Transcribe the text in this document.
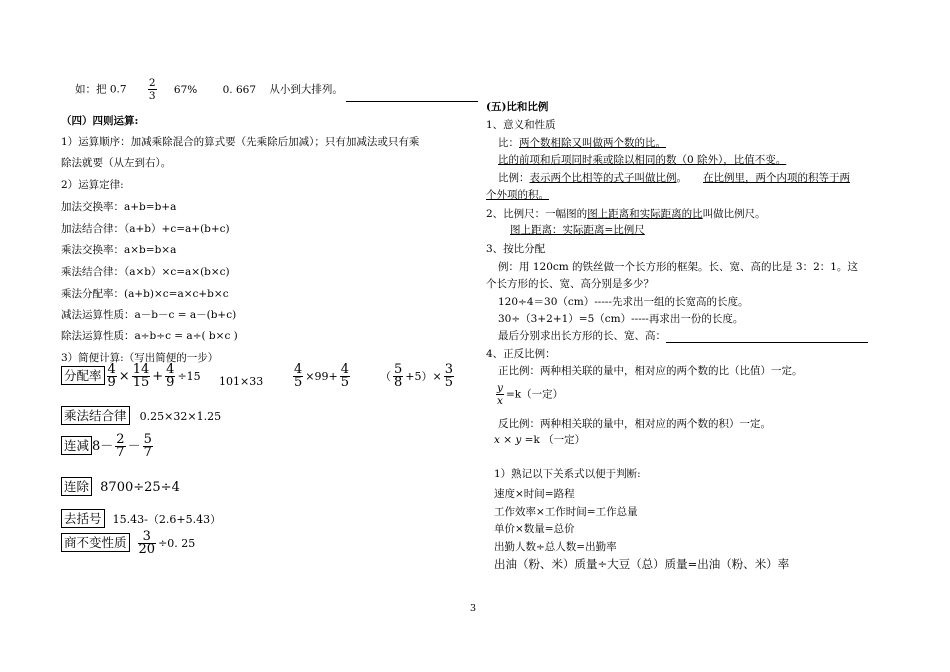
如：把 $0.7 \frac{2}{3} 67\%$ 0. 667 从小到大排列。
（四）四则运算:
1）运算顺序：加减乘除混合的算式要（先乘除后加减）；只有加减法或只有乘
除法就要（从左到右）。
2）运算定律:
加法交换率：a+b=b+a
加法结合律：（a+b）+c=a+(b+c)
乘法交换率：a×b=b×a
乘法结合律：（a×b）×c=a×(b×c)
乘法分配率：(a+b)×c=a×c+b×c
减法运算性质：a－b－c = a－(b+c)
除法运算性质：a÷b÷c = a÷( b×c )
3）简便计算:（写出简便的一步）
分配率 $\frac{4}{9} \times \frac{14}{15} + \frac{4}{9} \div 15$ $101\times 33 \frac{4}{5} \times 99+ \frac{4}{5}$	（ $\frac{5}{8} +5)\times \frac{3}{5}$
乘法结合律 0.25×32×1.25
连减 $8- \frac{2}{7} - \frac{5}{7}$
连除 8700÷25÷4
去括号 15.43-（2.6+5.43）
商不变性质 $\frac{3}{20} \div 0$. 25
(五)比和比例
1、意义和性质
比：两个数相除又叫做两个数的比。
比的前项和后项同时乘或除以相同的数（0 除外），比值不变。
比例：表示两个比相等的式子叫做比例。 在比例里，两个内项的积等于两
个外项的积。
2、比例尺：一幅图的图上距离和实际距离的比叫做比例尺。
图上距离：实际距离=比例尺
3、按比分配
例：用 120cm 的铁丝做一个长方形的框架。长、宽、高的比是 3：2：1。这
个长方形的长、宽、高分别是多少？
120÷4＝30（cm）-----先求出一组的长宽高的长度。
30÷（3+2+1）=5（cm）-----再求出一份的长度。
最后分别求出长方形的长、宽、高：
4、正反比例：
正比例：两种相关联的量中，相对应的两个数的比（比值）一定。
$\frac{y}{x} =k$（一定）
反比例：两种相关联的量中，相对应的两个数的积）一定。
x × y =k （一定）
1）熟记以下关系式以便于判断:
速度×时间=路程
工作效率×工作时间=工作总量
单价×数量=总价
出勤人数÷总人数=出勤率
出油（粉、米）质量÷大豆（总）质量=出油（粉、米）率
3
